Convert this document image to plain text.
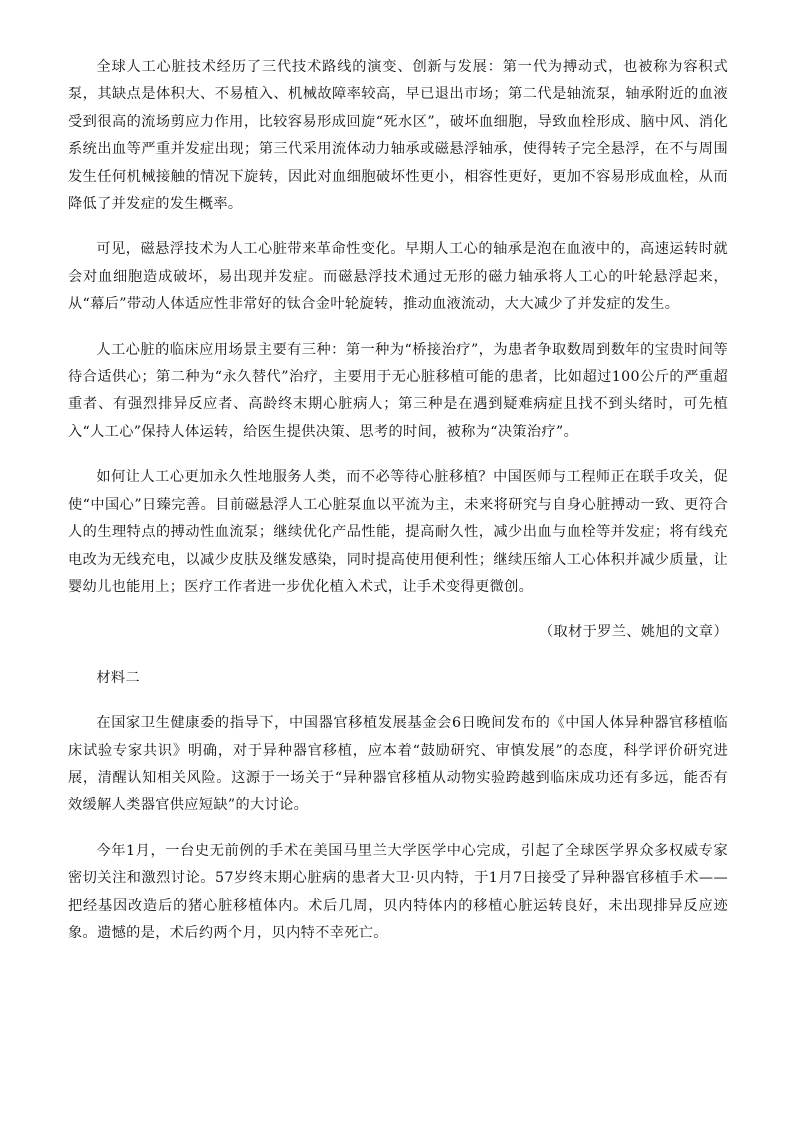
全球人工心脏技术经历了三代技术路线的演变、创新与发展：第一代为搏动式，也被称为容积式泵，其缺点是体积大、不易植入、机械故障率较高，早已退出市场；第二代是轴流泵，轴承附近的血液受到很高的流场剪应力作用，比较容易形成回旋“死水区”，破坏血细胞，导致血栓形成、脑中风、消化系统出血等严重并发症出现；第三代采用流体动力轴承或磁悬浮轴承，使得转子完全悬浮，在不与周围发生任何机械接触的情况下旋转，因此对血细胞破坏性更小，相容性更好，更加不容易形成血栓，从而降低了并发症的发生概率。

可见，磁悬浮技术为人工心脏带来革命性变化。早期人工心的轴承是泡在血液中的，高速运转时就会对血细胞造成破坏，易出现并发症。而磁悬浮技术通过无形的磁力轴承将人工心的叶轮悬浮起来，从“幕后”带动人体适应性非常好的钛合金叶轮旋转，推动血液流动，大大减少了并发症的发生。

人工心脏的临床应用场景主要有三种：第一种为“桥接治疗”，为患者争取数周到数年的宝贵时间等待合适供心；第二种为“永久替代”治疗，主要用于无心脏移植可能的患者，比如超过100公斤的严重超重者、有强烈排异反应者、高龄终末期心脏病人；第三种是在遇到疑难病症且找不到头绪时，可先植入“人工心”保持人体运转，给医生提供决策、思考的时间，被称为“决策治疗”。

如何让人工心更加永久性地服务人类，而不必等待心脏移植？中国医师与工程师正在联手攻关，促使“中国心”日臻完善。目前磁悬浮人工心脏泵血以平流为主，未来将研究与自身心脏搏动一致、更符合人的生理特点的搏动性血流泵；继续优化产品性能，提高耐久性，减少出血与血栓等并发症；将有线充电改为无线充电，以减少皮肤及继发感染，同时提高使用便利性；继续压缩人工心体积并减少质量，让婴幼儿也能用上；医疗工作者进一步优化植入术式，让手术变得更微创。

（取材于罗兰、姚旭的文章）

材料二

在国家卫生健康委的指导下，中国器官移植发展基金会6日晚间发布的《中国人体异种器官移植临床试验专家共识》明确，对于异种器官移植，应本着“鼓励研究、审慎发展”的态度，科学评价研究进展，清醒认知相关风险。这源于一场关于“异种器官移植从动物实验跨越到临床成功还有多远，能否有效缓解人类器官供应短缺”的大讨论。

今年1月，一台史无前例的手术在美国马里兰大学医学中心完成，引起了全球医学界众多权威专家密切关注和激烈讨论。57岁终末期心脏病的患者大卫·贝内特，于1月7日接受了异种器官移植手术——把经基因改造后的猪心脏移植体内。术后几周，贝内特体内的移植心脏运转良好，未出现排异反应迹象。遗憾的是，术后约两个月，贝内特不幸死亡。
